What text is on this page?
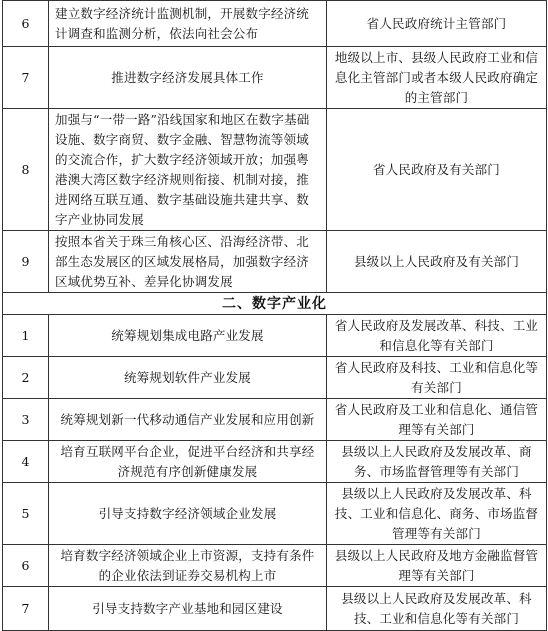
6	建立数字经济统计监测机制，开展数字经济统计调查和监测分析，依法向社会公布	省人民政府统计主管部门
7	推进数字经济发展具体工作	地级以上市、县级人民政府工业和信息化主管部门或者本级人民政府确定的主管部门
8	加强与“一带一路”沿线国家和地区在数字基础设施、数字商贸、数字金融、智慧物流等领域的交流合作，扩大数字经济领域开放；加强粤港澳大湾区数字经济规则衔接、机制对接，推进网络互联互通、数字基础设施共建共享、数字产业协同发展	省人民政府及有关部门
9	按照本省关于珠三角核心区、沿海经济带、北部生态发展区的区域发展格局，加强数字经济区域优势互补、差异化协调发展	县级以上人民政府及有关部门
二、数字产业化		
1	统筹规划集成电路产业发展	省人民政府及发展改革、科技、工业和信息化等有关部门
2	统筹规划软件产业发展	省人民政府及科技、工业和信息化等有关部门
3	统筹规划新一代移动通信产业发展和应用创新	省人民政府及工业和信息化、通信管理等有关部门
4	培育互联网平台企业，促进平台经济和共享经济规范有序创新健康发展	县级以上人民政府及发展改革、商务、市场监督管理等有关部门
5	引导支持数字经济领域企业发展	县级以上人民政府及发展改革、科技、工业和信息化、商务、市场监督管理等有关部门
6	培育数字经济领域企业上市资源，支持有条件的企业依法到证券交易机构上市	县级以上人民政府及地方金融监督管理等有关部门
7	引导支持数字产业基地和园区建设	县级以上人民政府及发展改革、科技、工业和信息化等有关部门
